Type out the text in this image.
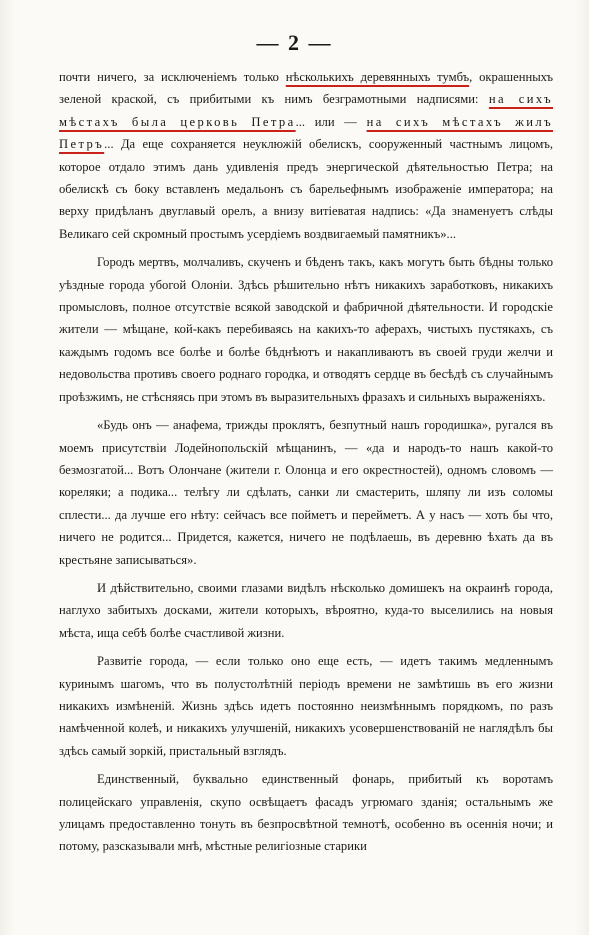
— 2 —

почти ничего, за исключеніемъ только нѣсколькихъ деревянныхъ тумбъ, окрашенныхъ зеленой краской, съ прибитыми къ нимъ безграмотными надписями: на сихъ мѣстахъ была церковь Петра... или — на сихъ мѣстахъ жилъ Петръ... Да еще сохраняется неуклюжій обелискъ, сооруженный частнымъ лицомъ, которое отдало этимъ дань удивленія предъ энергической дѣятельностью Петра; на обелискѣ съ боку вставленъ медальонъ съ барельефнымъ изображеніе императора; на верху придѣланъ двуглавый орелъ, а внизу витіеватая надпись: «Да знаменуетъ слѣды Великаго сей скромный простымъ усердіемъ воздвигаемый памятникъ»...

Городъ мертвъ, молчаливъ, скученъ и бѣденъ такъ, какъ могутъ быть бѣдны только уѣздные города убогой Олоніи. Здѣсь рѣшительно нѣтъ никакихъ заработковъ, никакихъ промысловъ, полное отсутствіе всякой заводской и фабричной дѣятельности. И городскіе жители — мѣщане, кой-какъ перебиваясь на какихъ-то аферахъ, чистыхъ пустякахъ, съ каждымъ годомъ все болѣе и болѣе бѣднѣютъ и накапливаютъ въ своей груди желчи и недовольства противъ своего роднаго городка, и отводятъ сердце въ бесѣдѣ съ случайнымъ проѣзжимъ, не стѣсняясь при этомъ въ выразительныхъ фразахъ и сильныхъ выраженіяхъ.

«Будь онъ — анафема, трижды проклятъ, безпутный нашъ городишка», ругался въ моемъ присутствіи Лодейнопольскій мѣщанинъ, — «да и народъ-то нашъ какой-то безмозгатой... Вотъ Олончане (жители г. Олонца и его окрестностей), одномъ словомъ — кореляки; а подика... телѣгу ли сдѣлать, санки ли смастерить, шляпу ли изъ соломы сплести... да лучше его нѣту: сейчасъ все пойметъ и перейметъ. А у насъ — хоть бы что, ничего не родится... Придется, кажется, ничего не подѣлаешь, въ деревню ѣхать да въ крестьяне записываться».

И дѣйствительно, своими глазами видѣлъ нѣсколько домишекъ на окраинѣ города, наглухо забитыхъ досками, жители которыхъ, вѣроятно, куда-то выселились на новыя мѣста, ища себѣ болѣе счастливой жизни.

Развитіе города, — если только оно еще есть, — идетъ такимъ медленнымъ куринымъ шагомъ, что въ полустолѣтній періодъ времени не замѣтишь въ его жизни никакихъ измѣненій. Жизнь здѣсь идетъ постоянно неизмѣннымъ порядкомъ, по разъ намѣченной колеѣ, и никакихъ улучшеній, никакихъ усовершенствованій не наглядѣлъ бы здѣсь самый зоркій, пристальный взглядъ.

Единственный, буквально единственный фонарь, прибитый къ воротамъ полицейскаго управленія, скупо освѣщаетъ фасадъ угрюмаго зданія; остальнымъ же улицамъ предоставленно тонуть въ безпросвѣтной темнотѣ, особенно въ осеннія ночи; и потому, разсказывали мнѣ, мѣстные религіозные старики
